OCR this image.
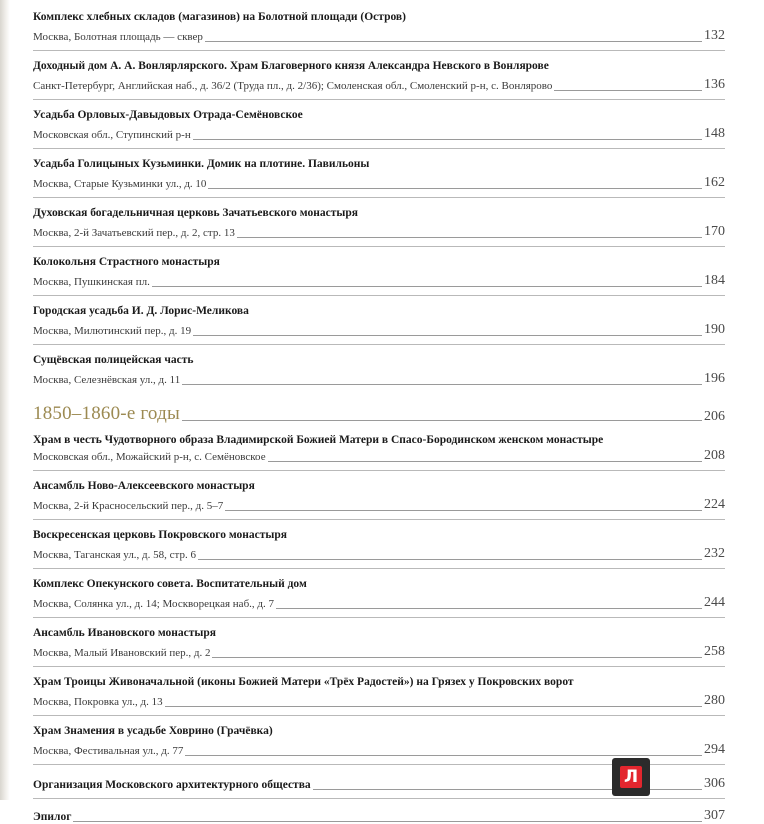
Комплекс хлебных складов (магазинов) на Болотной площади (Остров)
Москва, Болотная площадь — сквер	132
Доходный дом А. А. Вонлярлярского. Храм Благоверного князя Александра Невского в Вонлярове
Санкт-Петербург, Английская наб., д. 36/2 (Труда пл., д. 2/36); Смоленская обл., Смоленский р-н, с. Вонлярово	136
Усадьба Орловых-Давыдовых Отрада-Семёновское
Московская обл., Ступинский р-н	148
Усадьба Голицыных Кузьминки. Домик на плотине. Павильоны
Москва, Старые Кузьминки ул., д. 10	162
Духовская богадельничная церковь Зачатьевского монастыря
Москва, 2-й Зачатьевский пер., д. 2, стр. 13	170
Колокольня Страстного монастыря
Москва, Пушкинская пл.	184
Городская усадьба И. Д. Лорис-Меликова
Москва, Милютинский пер., д. 19	190
Сущёвская полицейская часть
Москва, Селезнёвская ул., д. 11	196
1850–1860-е годы	206
Храм в честь Чудотворного образа Владимирской Божией Матери в Спасо-Бородинском женском монастыре
Московская обл., Можайский р-н, с. Семёновское	208
Ансамбль Ново-Алексеевского монастыря
Москва, 2-й Красносельский пер., д. 5–7	224
Воскресенская церковь Покровского монастыря
Москва, Таганская ул., д. 58, стр. 6	232
Комплекс Опекунского совета. Воспитательный дом
Москва, Солянка ул., д. 14; Москворецкая наб., д. 7	244
Ансамбль Ивановского монастыря
Москва, Малый Ивановский пер., д. 2	258
Храм Троицы Живоначальной (иконы Божией Матери «Трёх Радостей») на Грязех у Покровских ворот
Москва, Покровка ул., д. 13	280
Храм Знамения в усадьбе Ховрино (Грачёвка)
Москва, Фестивальная ул., д. 77	294
Организация Московского архитектурного общества	306
Эпилог	307
Л
